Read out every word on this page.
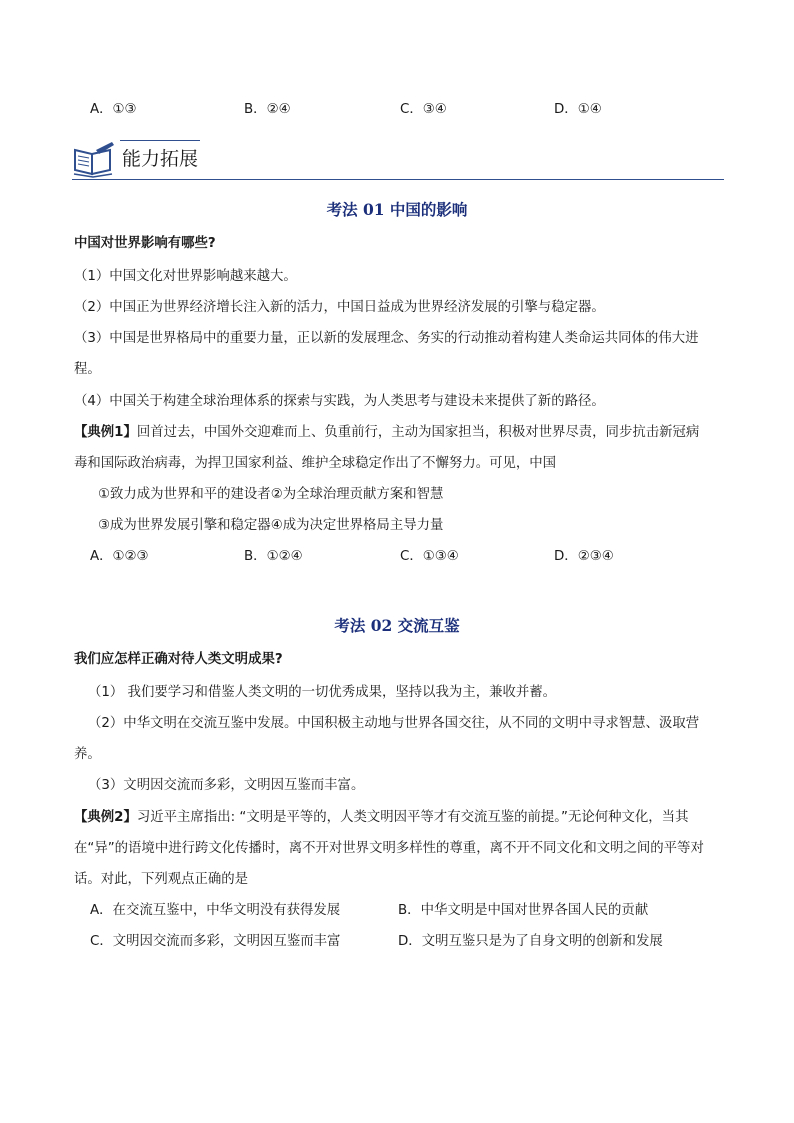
A．①③	B．②④	C．③④	D．①④
能力拓展
考法 01 中国的影响
中国对世界影响有哪些?
（1）中国文化对世界影响越来越大。
（2）中国正为世界经济增长注入新的活力，中国日益成为世界经济发展的引擎与稳定器。
（3）中国是世界格局中的重要力量，正以新的发展理念、务实的行动推动着构建人类命运共同体的伟大进
程。
（4）中国关于构建全球治理体系的探索与实践，为人类思考与建设未来提供了新的路径。
【典例1】回首过去，中国外交迎难而上、负重前行，主动为国家担当，积极对世界尽责，同步抗击新冠病
毒和国际政治病毒，为捍卫国家利益、维护全球稳定作出了不懈努力。可见，中国
①致力成为世界和平的建设者②为全球治理贡献方案和智慧
③成为世界发展引擎和稳定器④成为决定世界格局主导力量
A．①②③	B．①②④	C．①③④	D．②③④
考法 02 交流互鉴
我们应怎样正确对待人类文明成果?
（1） 我们要学习和借鉴人类文明的一切优秀成果，坚持以我为主，兼收并蓄。
（2）中华文明在交流互鉴中发展。中国积极主动地与世界各国交往，从不同的文明中寻求智慧、汲取营
养。
（3）文明因交流而多彩，文明因互鉴而丰富。
【典例2】习近平主席指出: “文明是平等的，人类文明因平等才有交流互鉴的前提。”无论何种文化，当其
在“异”的语境中进行跨文化传播时，离不开对世界文明多样性的尊重，离不开不同文化和文明之间的平等对
话。对此，下列观点正确的是
A．在交流互鉴中，中华文明没有获得发展	B．中华文明是中国对世界各国人民的贡献
C．文明因交流而多彩，文明因互鉴而丰富	D．文明互鉴只是为了自身文明的创新和发展
